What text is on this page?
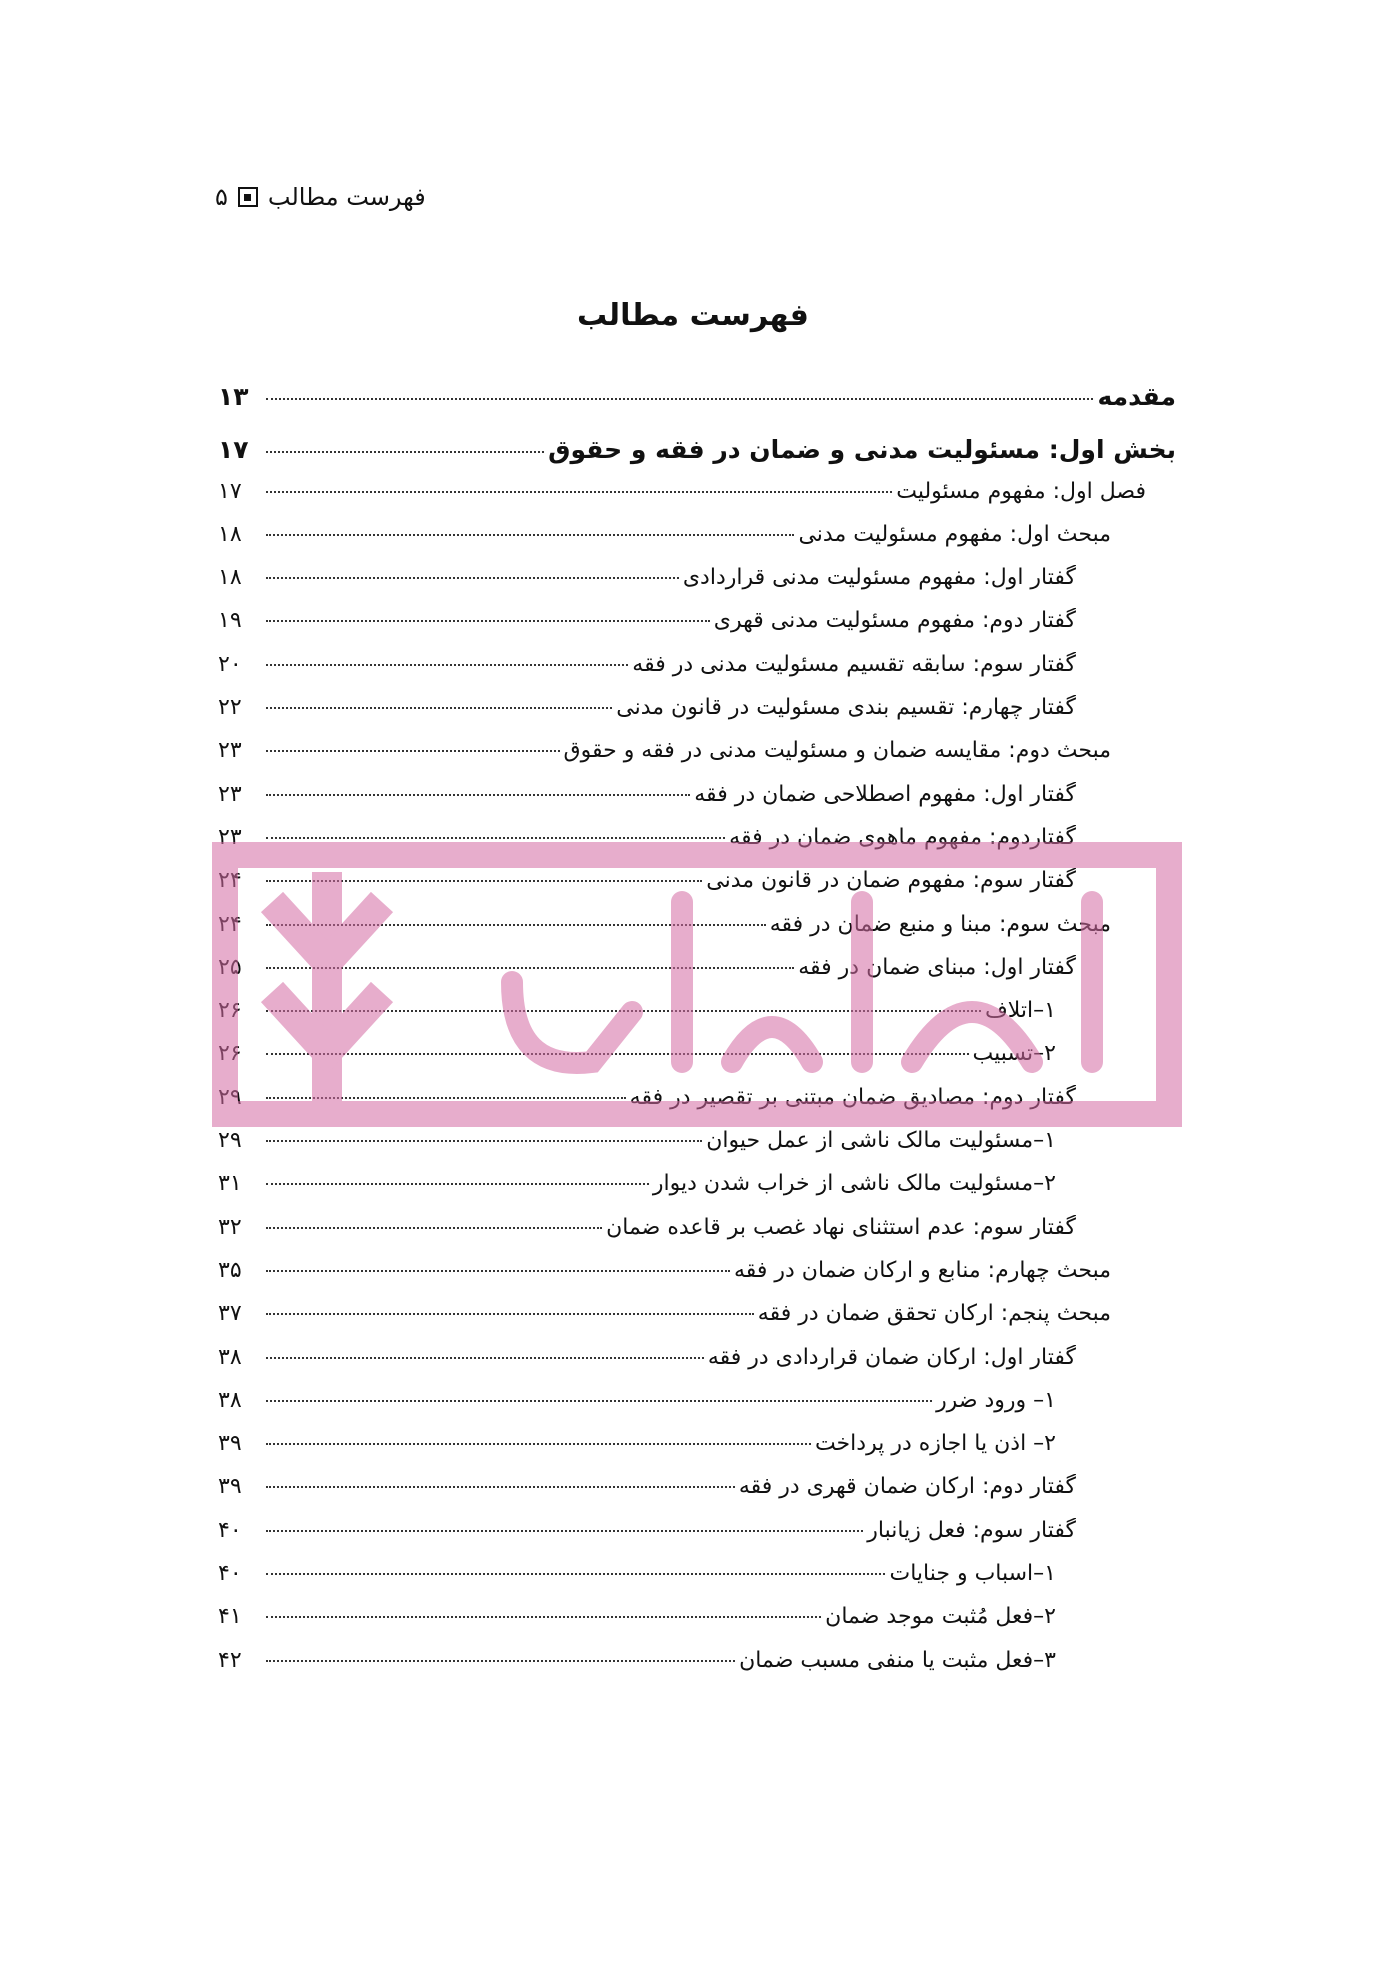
فهرست مطالب
۵
فهرست مطالب
مقدمه
۱۳
بخش اول: مسئولیت مدنی و ضمان در فقه و حقوق
۱۷
فصل اول: مفهوم مسئولیت
۱۷
مبحث اول: مفهوم مسئولیت مدنی
۱۸
گفتار اول: مفهوم مسئولیت مدنی قراردادی
۱۸
گفتار دوم: مفهوم مسئولیت مدنی قهری
۱۹
گفتار سوم: سابقه تقسیم مسئولیت مدنی در فقه
۲۰
گفتار چهارم: تقسیم بندی مسئولیت در قانون مدنی
۲۲
مبحث دوم: مقایسه ضمان و مسئولیت مدنی در فقه و حقوق
۲۳
گفتار اول: مفهوم اصطلاحی ضمان در فقه
۲۳
گفتاردوم: مفهوم ماهوی ضمان در فقه
۲۳
گفتار سوم: مفهوم ضمان در قانون مدنی
۲۴
مبحث سوم: مبنا و منبع ضمان در فقه
۲۴
گفتار اول: مبنای ضمان در فقه
۲۵
۱–اتلاف
۲۶
۲–تسبیب
۲۶
گفتار دوم: مصادیق ضمان مبتنی بر تقصیر در فقه
۲۹
۱–مسئولیت مالک ناشی از عمل حیوان
۲۹
۲–مسئولیت مالک ناشی از خراب شدن دیوار
۳۱
گفتار سوم: عدم استثنای نهاد غصب بر قاعده ضمان
۳۲
مبحث چهارم: منابع و ارکان ضمان در فقه
۳۵
مبحث پنجم: ارکان تحقق ضمان در فقه
۳۷
گفتار اول: ارکان ضمان قراردادی در فقه
۳۸
۱– ورود ضرر
۳۸
۲– اذن یا اجازه در پرداخت
۳۹
گفتار دوم: ارکان ضمان قهری در فقه
۳۹
گفتار سوم: فعل زیانبار
۴۰
۱–اسباب و جنایات
۴۰
۲–فعل مُثبت موجد ضمان
۴۱
۳–فعل مثبت یا منفی مسبب ضمان
۴۲
